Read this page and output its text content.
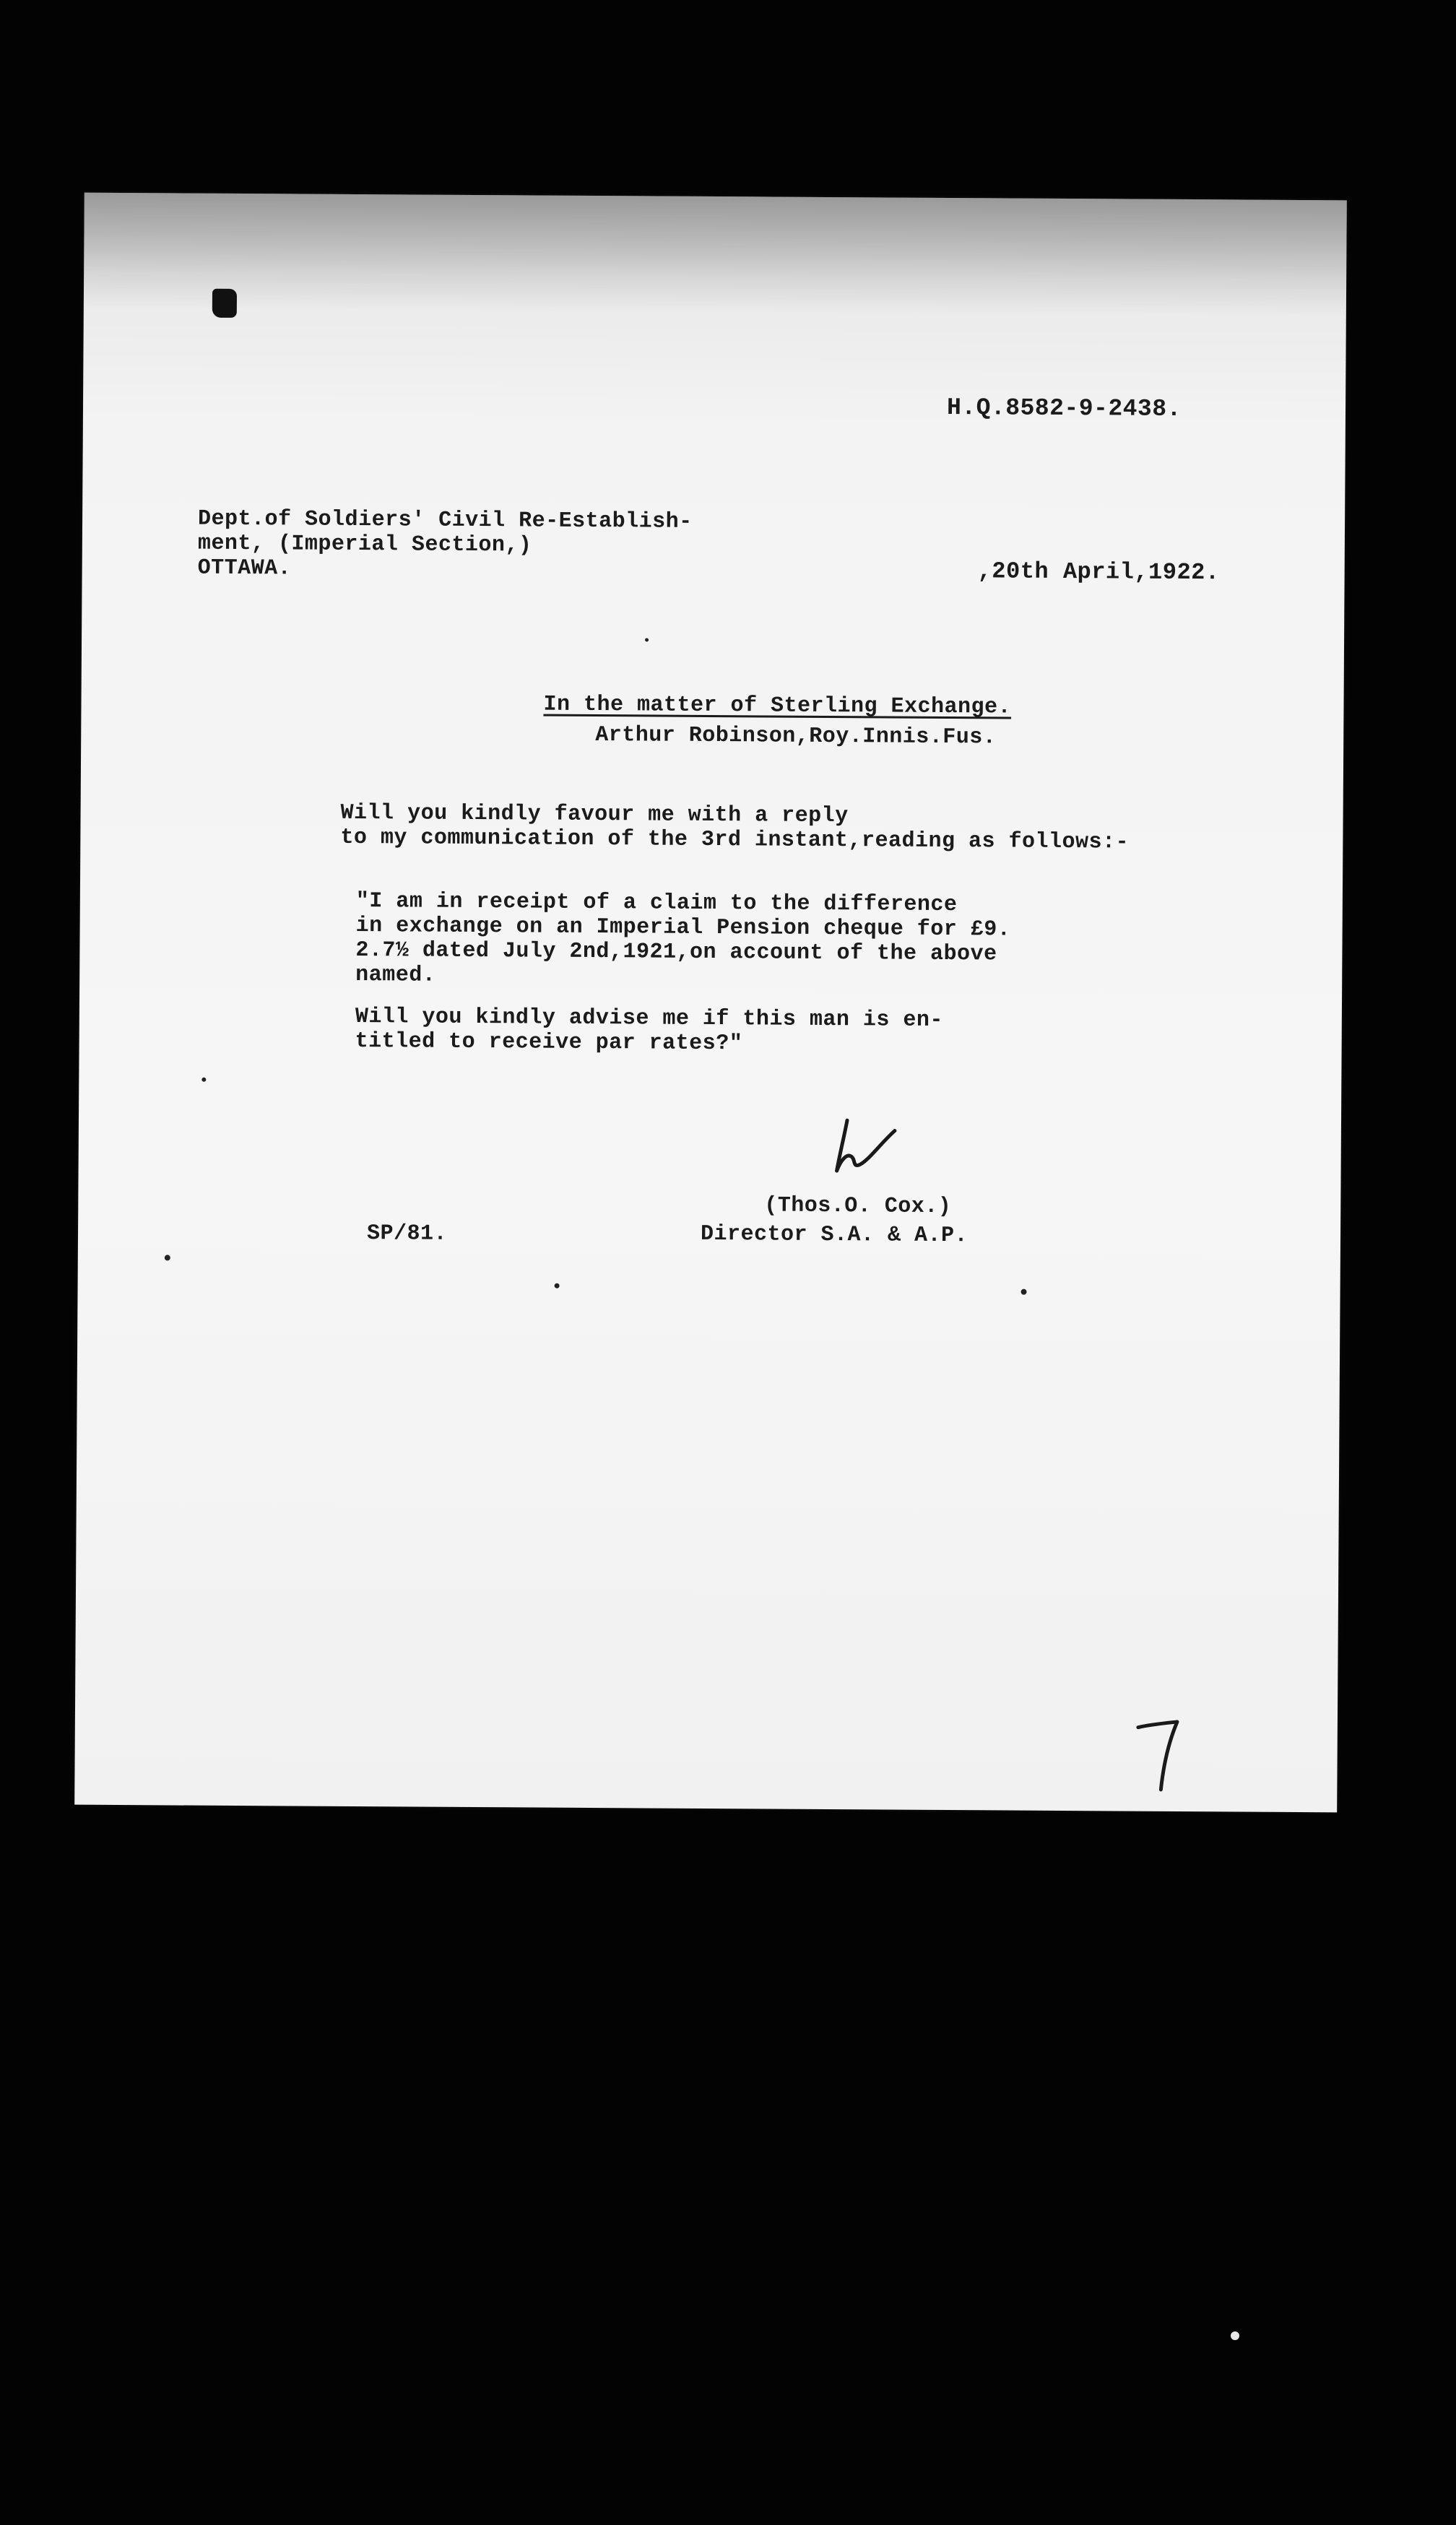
H.Q.8582-9-2438.
Dept.of Soldiers' Civil Re-Establish-
ment, (Imperial Section,)
OTTAWA.	,20th April,1922.
In the matter of Sterling Exchange.
Arthur Robinson,Roy.Innis.Fus.
Will you kindly favour me with a reply
to my communication of the 3rd instant,reading as follows:-
"I am in receipt of a claim to the difference
in exchange on an Imperial Pension cheque for £9.
2.7½ dated July 2nd,1921,on account of the above
named.
Will you kindly advise me if this man is en-
titled to receive par rates?"
(Thos.O. Cox.)
Director S.A. & A.P.
SP/81.
